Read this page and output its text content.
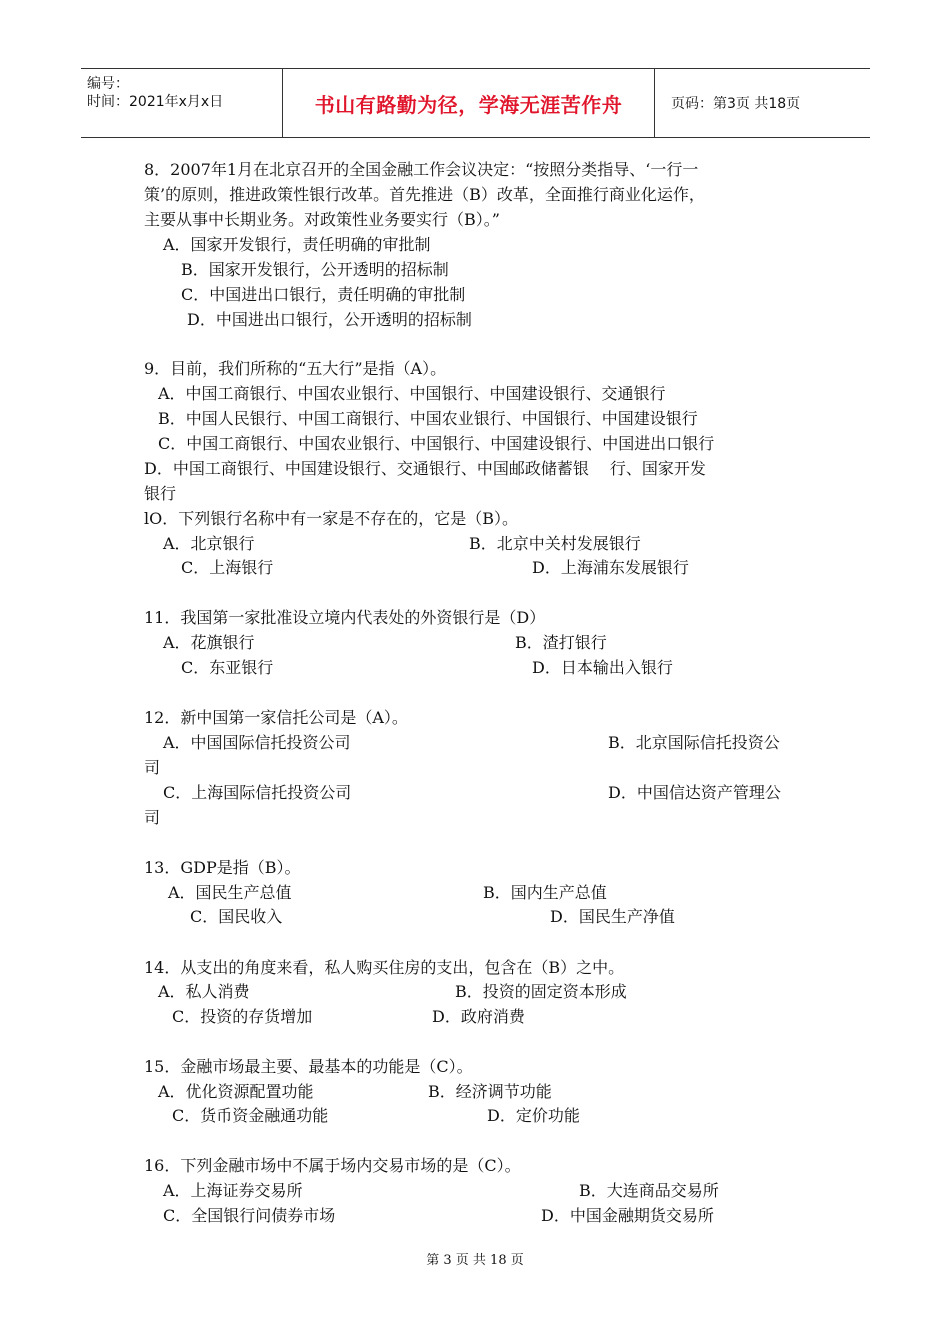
编号：
时间：2021年x月x日	书山有路勤为径，学海无涯苦作舟	页码：第3页 共18页
8．2007年1月在北京召开的全国金融工作会议决定：“按照分类指导、‘一行一
策’的原则，推进政策性银行改革。首先推进（B）改革，全面推行商业化运作，
主要从事中长期业务。对政策性业务要实行（B）。”
A．国家开发银行，责任明确的审批制
B．国家开发银行，公开透明的招标制
C．中国进出口银行，责任明确的审批制
D．中国进出口银行，公开透明的招标制
9．目前，我们所称的“五大行”是指（A）。
A．中国工商银行、中国农业银行、中国银行、中国建设银行、交通银行
B．中国人民银行、中国工商银行、中国农业银行、中国银行、中国建设银行
C．中国工商银行、中国农业银行、中国银行、中国建设银行、中国进出口银行
D．中国工商银行、中国建设银行、交通银行、中国邮政储蓄银　 行、国家开发
银行
lO．下列银行名称中有一家是不存在的，它是（B）。
A．北京银行	B．北京中关村发展银行
C．上海银行	D．上海浦东发展银行
11．我国第一家批准设立境内代表处的外资银行是（D）
A．花旗银行	B．渣打银行
C．东亚银行	D．日本输出入银行
12．新中国第一家信托公司是（A）。
A．中国国际信托投资公司	B．北京国际信托投资公
司
C．上海国际信托投资公司	D．中国信达资产管理公
司
13．GDP是指（B）。
A．国民生产总值	B．国内生产总值
C．国民收入	D．国民生产净值
14．从支出的角度来看，私人购买住房的支出，包含在（B）之中。
A．私人消费	B．投资的固定资本形成
C．投资的存货增加	D．政府消费
15．金融市场最主要、最基本的功能是（C）。
A．优化资源配置功能	B．经济调节功能
C．货币资金融通功能	D．定价功能
16．下列金融市场中不属于场内交易市场的是（C）。
A．上海证券交易所	B．大连商品交易所
C．全国银行问债券市场	D．中国金融期货交易所
第 3 页 共 18 页
